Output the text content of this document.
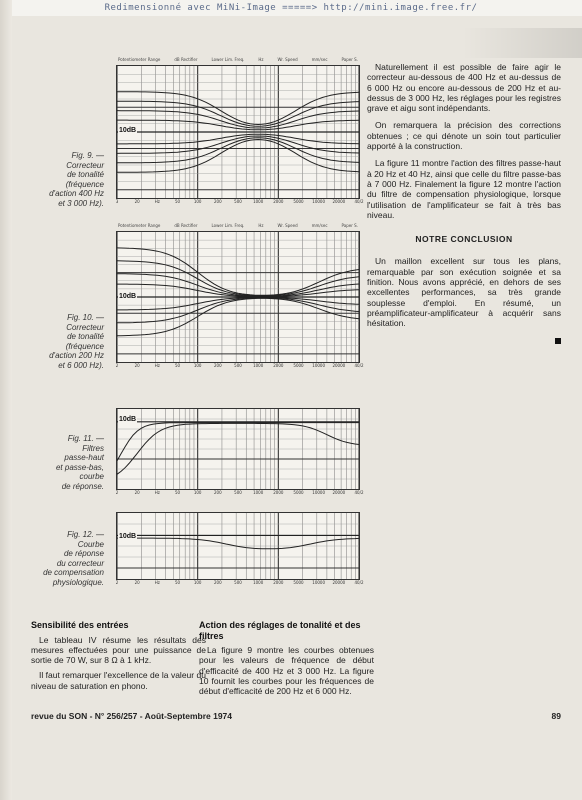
Redimensionné avec MiNi-Image =====> http://mini.image.free.fr/
Potentiometer Range	dB Rectifier	Lower Lim. Freq.	Hz	Wr. Speed	mm/sec	Paper S.
10dB
3	20	Hz	50	100	200	500	1000 2000 5000 10000 20000 40/2
Fig. 9. —
Correcteur
de tonalité
(fréquence
d'action 400 Hz
et 3 000 Hz).
Potentiometer Range	dB Rectifier	Lower Lim. Freq.	Hz	Wr. Speed	mm/sec	Paper S.
10dB
2	20	Hz	50	100	200	500	1000 2000 5000 10000 20000 40/2
Fig. 10. —
Correcteur
de tonalité
(fréquence
d'action 200 Hz
et 6 000 Hz).
10dB
2	20	Hz	50	100	200	500	1000 2000 5000 10000 20000 40/2
Fig. 11. —
Filtres
passe-haut
et passe-bas,
courbe
de réponse.
10dB
2	20	Hz	50	100	200	500	1000 2000 5000 10000 20000 40/2
Fig. 12. —
Courbe
de réponse
du correcteur
de compensation
physiologique.

Naturellement il est possible de faire agir le correcteur au-dessous de 400 Hz et au-dessus de 6 000 Hz ou encore au-dessous de 200 Hz et au-dessus de 3 000 Hz, les réglages pour les registres grave et aigu sont indépendants.

On remarquera la précision des corrections obtenues ; ce qui dénote un soin tout particulier apporté à la construction.

La figure 11 montre l'action des filtres passe-haut à 20 Hz et 40 Hz, ainsi que celle du filtre passe-bas à 7 000 Hz. Finalement la figure 12 montre l'action du filtre de compensation physiologique, lorsque l'utilisation de l'amplificateur se fait à très bas niveau.

NOTRE CONCLUSION

Un maillon excellent sur tous les plans, remarquable par son exécution soignée et sa finition. Nous avons apprécié, en dehors de ses excellentes performances, sa très grande souplesse d'emploi. En résumé, un préamplificateur-amplificateur à acquérir sans hésitation.

Sensibilité des entrées

Le tableau IV résume les résultats des mesures effectuées pour une puissance de sortie de 70 W, sur 8 Ω à 1 kHz.

Il faut remarquer l'excellence de la valeur du niveau de saturation en phono.

Action des réglages de tonalité et des filtres

La figure 9 montre les courbes obtenues pour les valeurs de fréquence de début d'efficacité de 400 Hz et 3 000 Hz. La figure 10 fournit les courbes pour les fréquences de début d'efficacité de 200 Hz et 6 000 Hz.

revue du SON - N° 256/257 - Août-Septembre 1974	89
